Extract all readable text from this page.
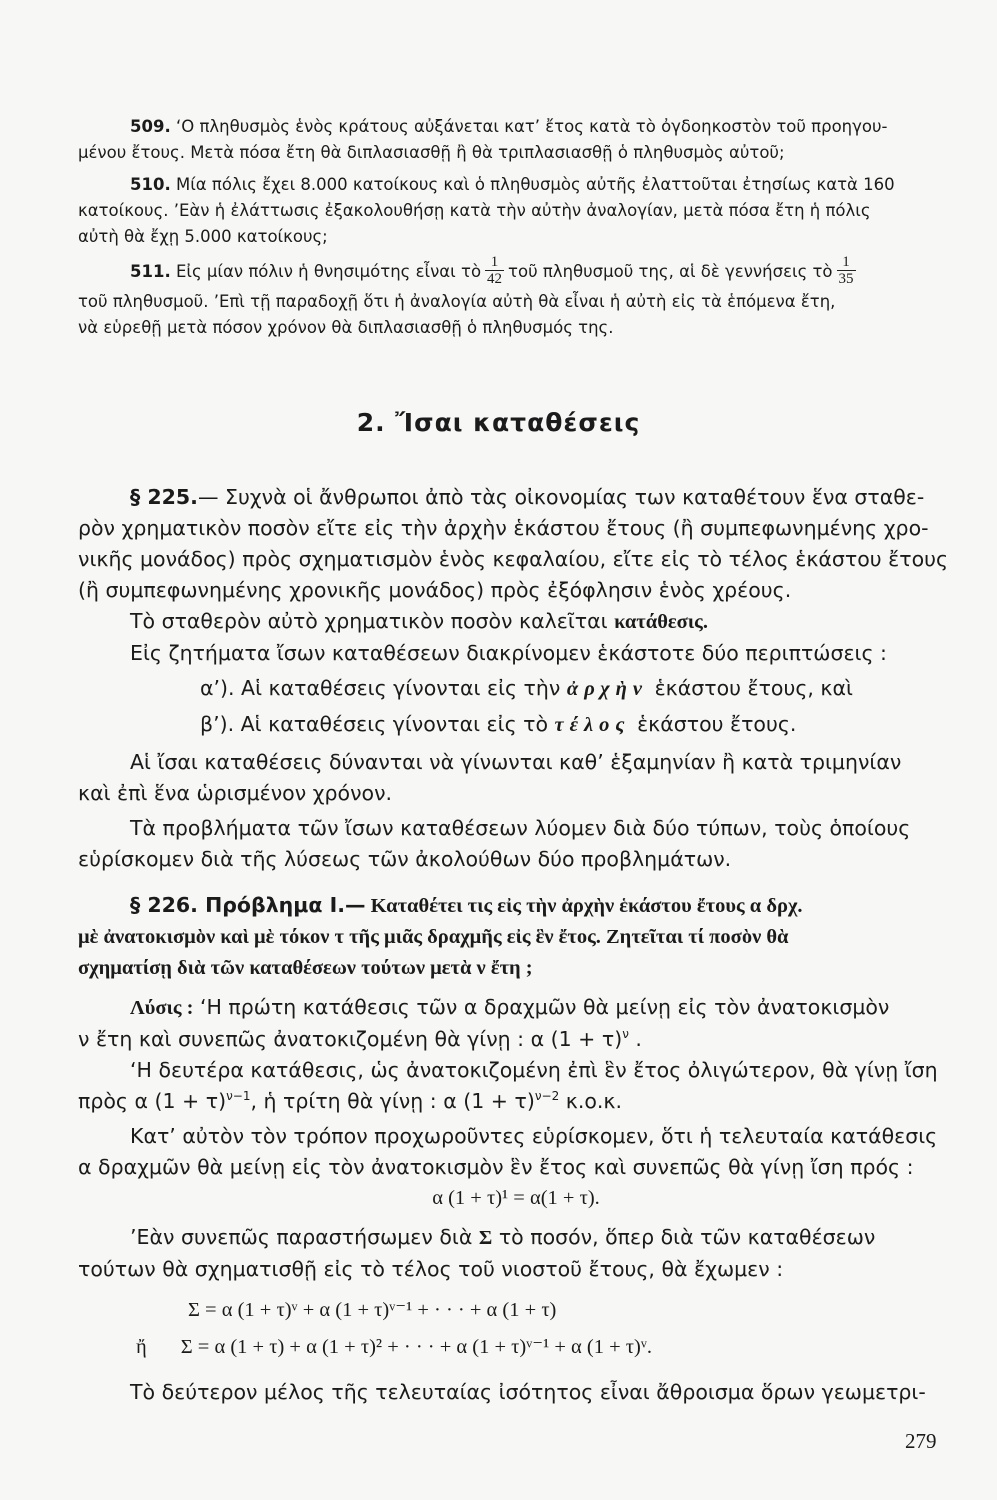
509. ‘Ο πληθυσμὸς ἑνὸς κράτους αὐξάνεται κατ’ ἔτος κατὰ τὸ ὀγδοηκοστὸν τοῦ προηγου-
μένου ἔτους. Μετὰ πόσα ἔτη θὰ διπλασιασθῇ ἢ θὰ τριπλασιασθῇ ὁ πληθυσμὸς αὐτοῦ;
510. Μία πόλις ἔχει 8.000 κατοίκους καὶ ὁ πληθυσμὸς αὐτῆς ἐλαττοῦται ἐτησίως κατὰ 160
κατοίκους. ’Εὰν ἡ ἐλάττωσις ἐξακολουθήσῃ κατὰ τὴν αὐτὴν ἀναλογίαν, μετὰ πόσα ἔτη ἡ πόλις
αὐτὴ θὰ ἔχῃ 5.000 κατοίκους;
511. Εἰς μίαν πόλιν ἡ θνησιμότης εἶναι τὸ $\frac{1}{42}$ τοῦ πληθυσμοῦ της, αἱ δὲ γεννήσεις τὸ $\frac{1}{35}$
τοῦ πληθυσμοῦ. ’Επὶ τῇ παραδοχῇ ὅτι ἡ ἀναλογία αὐτὴ θὰ εἶναι ἡ αὐτὴ εἰς τὰ ἑπόμενα ἔτη,
νὰ εὑρεθῇ μετὰ πόσον χρόνον θὰ διπλασιασθῇ ὁ πληθυσμός της.
2. Ἴσαι καταθέσεις
§ 225.— Συχνὰ οἱ ἄνθρωποι ἀπὸ τὰς οἰκονομίας των καταθέτουν ἕνα σταθε-
ρὸν χρηματικὸν ποσὸν εἴτε εἰς τὴν ἀρχὴν ἑκάστου ἔτους (ἢ συμπεφωνημένης χρο-
νικῆς μονάδος) πρὸς σχηματισμὸν ἑνὸς κεφαλαίου, εἴτε εἰς τὸ τέλος ἑκάστου ἔτους
(ἢ συμπεφωνημένης χρονικῆς μονάδος) πρὸς ἐξόφλησιν ἑνὸς χρέους.
Τὸ σταθερὸν αὐτὸ χρηματικὸν ποσὸν καλεῖται κατάθεσις.
Εἰς ζητήματα ἴσων καταθέσεων διακρίνομεν ἑκάστοτε δύο περιπτώσεις :
α’). Αἱ καταθέσεις γίνονται εἰς τὴν ἀρχὴν ἑκάστου ἔτους, καὶ
β’). Αἱ καταθέσεις γίνονται εἰς τὸ τέλος ἑκάστου ἔτους.
Αἱ ἴσαι καταθέσεις δύνανται νὰ γίνωνται καθ’ ἑξαμηνίαν ἢ κατὰ τριμηνίαν
καὶ ἐπὶ ἕνα ὡρισμένον χρόνον.
Τὰ προβλήματα τῶν ἴσων καταθέσεων λύομεν διὰ δύο τύπων, τοὺς ὁποίους
εὑρίσκομεν διὰ τῆς λύσεως τῶν ἀκολούθων δύο προβλημάτων.
§ 226. Πρόβλημα Ι.— Καταθέτει τις εἰς τὴν ἀρχὴν ἑκάστου ἔτους α δρχ.
μὲ ἀνατοκισμὸν καὶ μὲ τόκον τ τῆς μιᾶς δραχμῆς εἰς ἓν ἔτος. Ζητεῖται τί ποσὸν θὰ
σχηματίσῃ διὰ τῶν καταθέσεων τούτων μετὰ ν ἔτη ;
Λύσις : ‘Η πρώτη κατάθεσις τῶν α δραχμῶν θὰ μείνῃ εἰς τὸν ἀνατοκισμὸν
ν ἔτη καὶ συνεπῶς ἀνατοκιζομένη θὰ γίνῃ : α $(1 + \tau)^\nu$ .
‘Η δευτέρα κατάθεσις, ὡς ἀνατοκιζομένη ἐπὶ ἓν ἔτος ὀλιγώτερον, θὰ γίνῃ ἴση
πρὸς α $(1 + \tau)^{\nu-1}$, ἡ τρίτη θὰ γίνῃ : α $(1 + \tau)^{\nu-2}$ κ.ο.κ.
Κατ’ αὐτὸν τὸν τρόπον προχωροῦντες εὑρίσκομεν, ὅτι ἡ τελευταία κατάθεσις
α δραχμῶν θὰ μείνῃ εἰς τὸν ἀνατοκισμὸν ἓν ἔτος καὶ συνεπῶς θὰ γίνῃ ἴση πρός :
α (1 + τ)¹ = α(1 + τ).
’Εὰν συνεπῶς παραστήσωμεν διὰ Σ τὸ ποσόν, ὅπερ διὰ τῶν καταθέσεων
τούτων θὰ σχηματισθῇ εἰς τὸ τέλος τοῦ νιοστοῦ ἔτους, θὰ ἔχωμεν :
Σ = α (1 + τ)ᵛ + α (1 + τ)ᵛ⁻¹ + · · · + α (1 + τ)
ἤ Σ = α (1 + τ) + α (1 + τ)² + · · · + α (1 + τ)ᵛ⁻¹ + α (1 + τ)ᵛ.
Τὸ δεύτερον μέλος τῆς τελευταίας ἰσότητος εἶναι ἄθροισμα ὅρων γεωμετρι-
279
